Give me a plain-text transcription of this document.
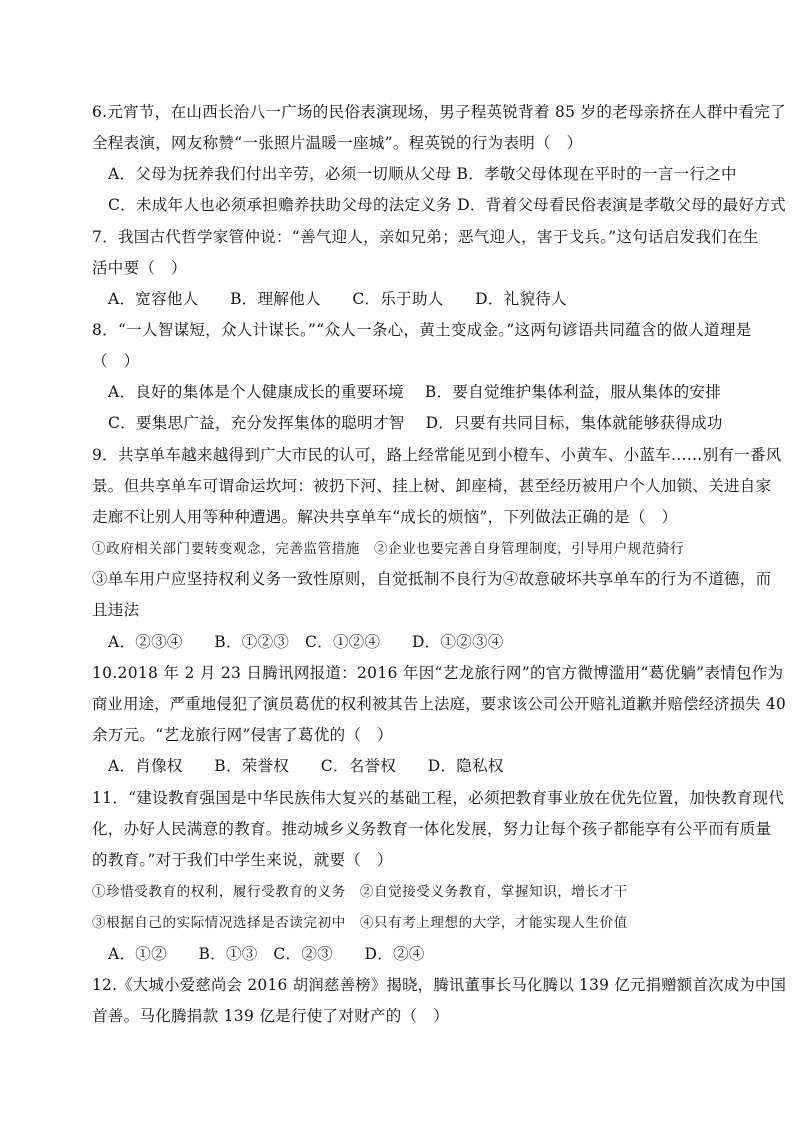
6.元宵节，在山西长治八一广场的民俗表演现场，男子程英锐背着 85 岁的老母亲挤在人群中看完了
全程表演，网友称赞“一张照片温暖一座城”。程英锐的行为表明（　）
A．父母为抚养我们付出辛劳，必须一切顺从父母 B．孝敬父母体现在平时的一言一行之中
C．未成年人也必须承担赡养扶助父母的法定义务 D．背着父母看民俗表演是孝敬父母的最好方式
7．我国古代哲学家管仲说：“善气迎人，亲如兄弟；恶气迎人，害于戈兵。”这句话启发我们在生
活中要（　）
A．宽容他人　　B．理解他人　　C．乐于助人　　D．礼貌待人
8．“一人智谋短，众人计谋长。”“众人一条心，黄土变成金。”这两句谚语共同蕴含的做人道理是
（　）
A．良好的集体是个人健康成长的重要环境　 B．要自觉维护集体利益，服从集体的安排
C．要集思广益，充分发挥集体的聪明才智　 D．只要有共同目标，集体就能够获得成功
9．共享单车越来越得到广大市民的认可，路上经常能见到小橙车、小黄车、小蓝车……别有一番风
景。但共享单车可谓命运坎坷：被扔下河、挂上树、卸座椅，甚至经历被用户个人加锁、关进自家
走廊不让别人用等种种遭遇。解决共享单车“成长的烦恼”，下列做法正确的是（　）
①政府相关部门要转变观念，完善监管措施　②企业也要完善自身管理制度，引导用户规范骑行
③单车用户应坚持权利义务一致性原则，自觉抵制不良行为④故意破坏共享单车的行为不道德，而
且违法
A．②③④　　B．①②③　C．①②④　　D．①②③④
10.2018 年 2 月 23 日腾讯网报道：2016 年因“艺龙旅行网”的官方微博滥用“葛优躺”表情包作为
商业用途，严重地侵犯了演员葛优的权利被其告上法庭，要求该公司公开赔礼道歉并赔偿经济损失 40
余万元。“艺龙旅行网”侵害了葛优的（　）
A．肖像权　　B．荣誉权　　C．名誉权　　D．隐私权
11．“建设教育强国是中华民族伟大复兴的基础工程，必须把教育事业放在优先位置，加快教育现代
化，办好人民满意的教育。推动城乡义务教育一体化发展，努力让每个孩子都能享有公平而有质量
的教育。”对于我们中学生来说，就要（　）
①珍惜受教育的权利，履行受教育的义务　②自觉接受义务教育，掌握知识，增长才干
③根据自己的实际情况选择是否读完初中　④只有考上理想的大学，才能实现人生价值
A．①②　　B．①③　C．②③　　D．②④
12.《大城小爱慈尚会 2016 胡润慈善榜》揭晓，腾讯董事长马化腾以 139 亿元捐赠额首次成为中国
首善。马化腾捐款 139 亿是行使了对财产的（　）
